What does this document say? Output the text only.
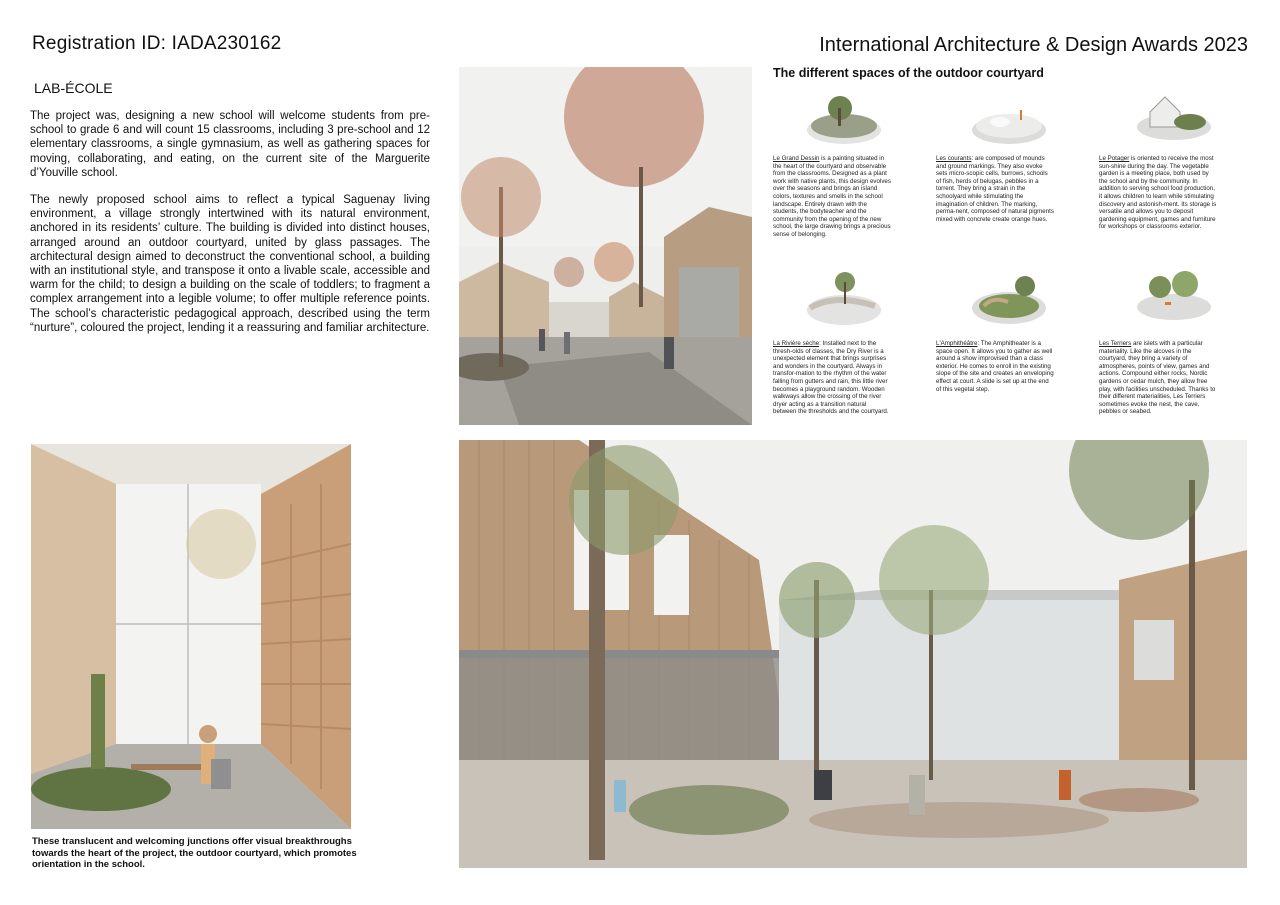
Registration ID: IADA230162	International Architecture & Design Awards 2023
LAB-ÉCOLE

The project was, designing a new school will welcome students from pre-school to grade 6 and will count 15 classrooms, including 3 pre-school and 12 elementary classrooms, a single gymnasium, as well as gathering spaces for moving, collaborating, and eating, on the current site of the Marguerite d’Youville school.

The newly proposed school aims to reflect a typical Saguenay living environment, a village strongly intertwined with its natural environment, anchored in its residents’ culture. The building is divided into distinct houses, arranged around an outdoor courtyard, united by glass passages. The architectural design aimed to deconstruct the conventional school, a building with an institutional style, and transpose it onto a livable scale, accessible and warm for the child; to design a building on the scale of toddlers; to fragment a complex arrangement into a legible volume; to offer multiple reference points. The school’s characteristic pedagogical approach, described using the term “nurture”, coloured the project, lending it a reassuring and familiar architecture.

These translucent and welcoming junctions offer visual breakthroughs towards the heart of the project, the outdoor courtyard, which promotes orientation in the school.
The different spaces of the outdoor courtyard
Le Grand Dessin is a painting situated in the heart of the courtyard and observable from the classrooms. Designed as a plant work with native plants, this design evolves over the seasons and brings an island colors, textures and smells in the school landscape. Entirely drawn with the students, the bodyteacher and the community from the opening of the new school, the large drawing brings a precious sense of belonging.
Les courants: are composed of mounds and ground markings. They also evoke sets micro-scopic cells, burrows, schools of fish, herds of belugas, pebbles in a torrent. They bring a strain in the schoolyard while stimulating the imagination of children. The marking, perma-nent, composed of natural pigments mixed with concrete create orange hues.
Le Potager is oriented to receive the most sun-shine during the day. The vegetable garden is a meeting place, both used by the school and by the community. In addition to serving school food production, it allows children to learn while stimulating discovery and astonish-ment. Its storage is versatile and allows you to deposit gardening equipment, games and furniture for workshops or classrooms exterior.
La Rivière sèche: Installed next to the thresh-olds of classes, the Dry River is a unexpected element that brings surprises and wonders in the courtyard. Always in transfor-mation to the rhythm of the water falling from gutters and rain, this little river becomes a playground random. Wooden walkways allow the crossing of the river dryer acting as a transition natural between the thresholds and the courtyard.
L'Amphithéâtre: The Amphitheater is a space open. It allows you to gather as well around a show improvised than a class exterior. He comes to enroll in the existing slope of the site and creates an enveloping effect at court. A slide is set up at the end of this vegetal step.
Les Terriers are islets with a particular materiality. Like the alcoves in the courtyard, they bring a variety of atmospheres, points of view, games and actions. Compound either rocks, Nordic gardens or cedar mulch, they allow free play, with facilities unscheduled. Thanks to their different materialities, Les Terriers sometimes evoke the nest, the cave, pebbles or seabed.
